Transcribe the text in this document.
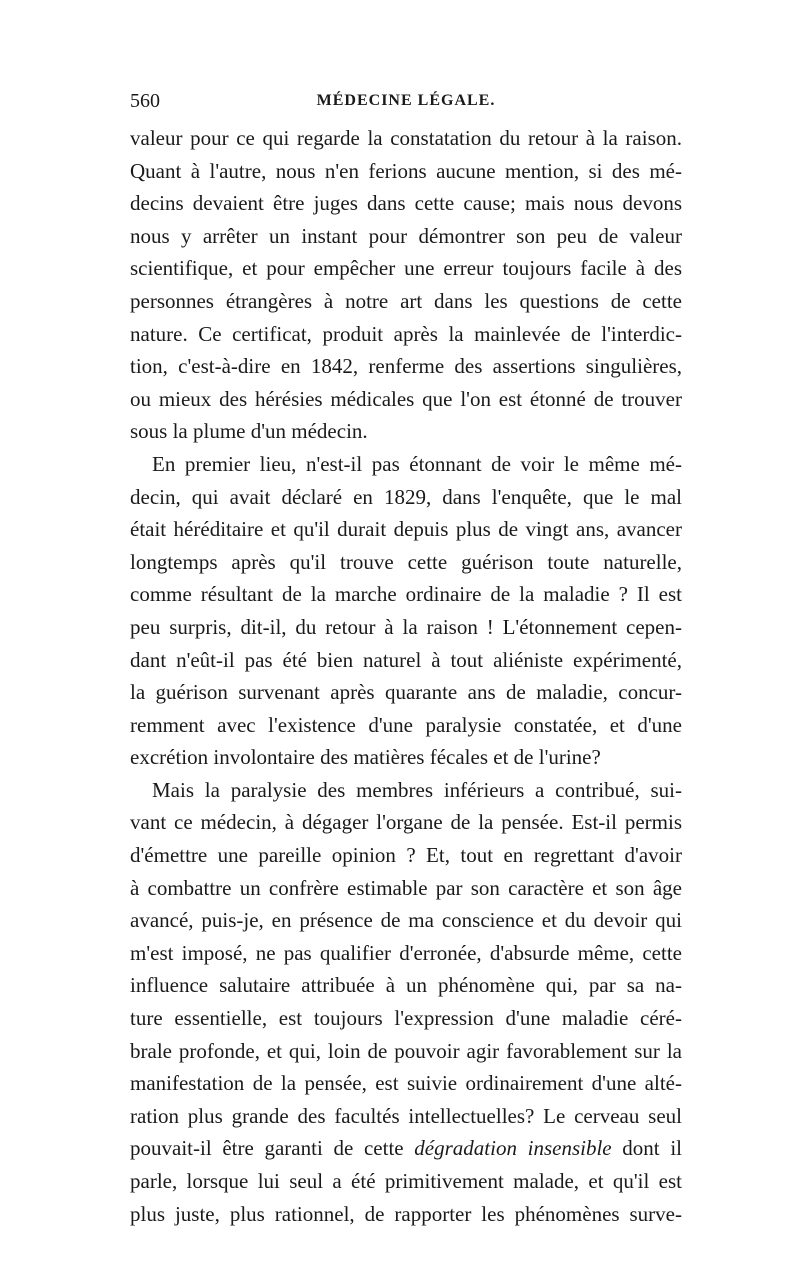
560	MÉDECINE LÉGALE.

valeur pour ce qui regarde la constatation du retour à la raison.
Quant à l'autre, nous n'en ferions aucune mention, si des mé-
decins devaient être juges dans cette cause; mais nous devons
nous y arrêter un instant pour démontrer son peu de valeur
scientifique, et pour empêcher une erreur toujours facile à des
personnes étrangères à notre art dans les questions de cette
nature. Ce certificat, produit après la mainlevée de l'interdic-
tion, c'est-à-dire en 1842, renferme des assertions singulières,
ou mieux des hérésies médicales que l'on est étonné de trouver
sous la plume d'un médecin.

En premier lieu, n'est-il pas étonnant de voir le même mé-
decin, qui avait déclaré en 1829, dans l'enquête, que le mal
était héréditaire et qu'il durait depuis plus de vingt ans, avancer
longtemps après qu'il trouve cette guérison toute naturelle,
comme résultant de la marche ordinaire de la maladie ? Il est
peu surpris, dit-il, du retour à la raison ! L'étonnement cepen-
dant n'eût-il pas été bien naturel à tout aliéniste expérimenté,
la guérison survenant après quarante ans de maladie, concur-
remment avec l'existence d'une paralysie constatée, et d'une
excrétion involontaire des matières fécales et de l'urine?

Mais la paralysie des membres inférieurs a contribué, sui-
vant ce médecin, à dégager l'organe de la pensée. Est-il permis
d'émettre une pareille opinion ? Et, tout en regrettant d'avoir
à combattre un confrère estimable par son caractère et son âge
avancé, puis-je, en présence de ma conscience et du devoir qui
m'est imposé, ne pas qualifier d'erronée, d'absurde même, cette
influence salutaire attribuée à un phénomène qui, par sa na-
ture essentielle, est toujours l'expression d'une maladie céré-
brale profonde, et qui, loin de pouvoir agir favorablement sur la
manifestation de la pensée, est suivie ordinairement d'une alté-
ration plus grande des facultés intellectuelles? Le cerveau seul
pouvait-il être garanti de cette dégradation insensible dont il
parle, lorsque lui seul a été primitivement malade, et qu'il est
plus juste, plus rationnel, de rapporter les phénomènes surve-
